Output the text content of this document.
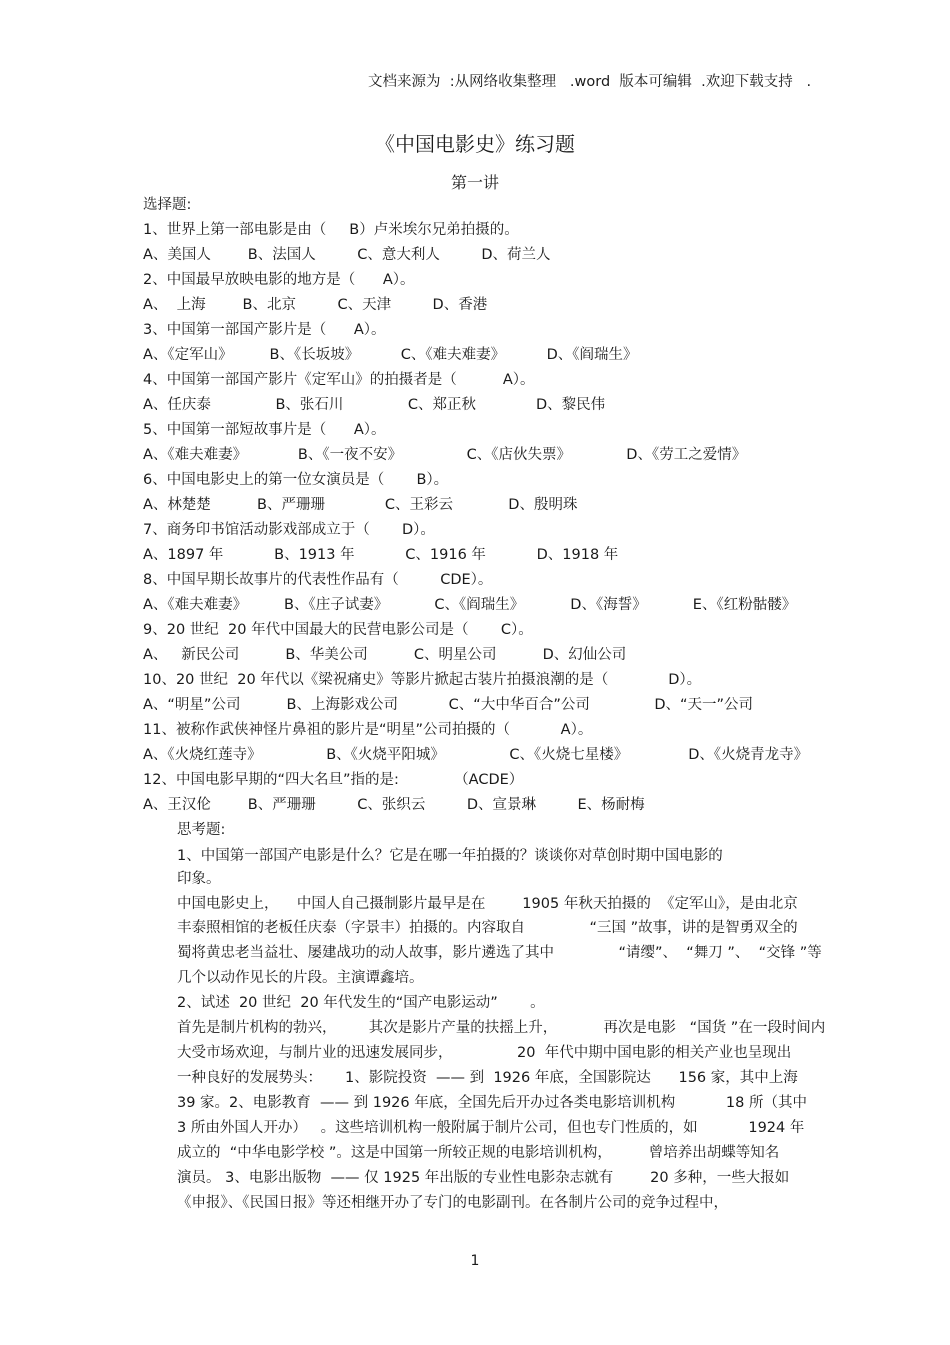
文档来源为  :从网络收集整理   .word  版本可编辑  .欢迎下载支持   .
《中国电影史》练习题
第一讲
选择题:
1、世界上第一部电影是由（     B）卢米埃尔兄弟拍摄的。
A、美国人        B、法国人         C、意大利人         D、荷兰人
2、中国最早放映电影的地方是（      A）。
A、  上海        B、北京         C、天津         D、香港
3、中国第一部国产影片是（      A）。
A、《定军山》        B、《长坂坡》         C、《难夫难妻》         D、《阎瑞生》
4、中国第一部国产影片《定军山》的拍摄者是（          A）。
A、任庆泰              B、张石川              C、郑正秋             D、黎民伟
5、中国第一部短故事片是（      A）。
A、《难夫难妻》           B、《一夜不安》              C、《店伙失票》            D、《劳工之爱情》
6、中国电影史上的第一位女演员是（       B）。
A、林楚楚          B、严珊珊             C、王彩云            D、殷明珠
7、商务印书馆活动影戏部成立于（       D）。
A、1897 年           B、1913 年           C、1916 年           D、1918 年
8、中国早期长故事片的代表性作品有（         CDE）。
A、《难夫难妻》        B、《庄子试妻》          C、《阎瑞生》          D、《海誓》          E、《红粉骷髅》
9、20 世纪  20 年代中国最大的民营电影公司是（       C）。
A、   新民公司          B、华美公司          C、明星公司          D、幻仙公司
10、20 世纪  20 年代以《梁祝痛史》等影片掀起古装片拍摄浪潮的是（             D）。
A、“明星”公司          B、上海影戏公司           C、“大中华百合”公司              D、“天一”公司
11、被称作武侠神怪片鼻祖的影片是“明星”公司拍摄的（           A）。
A、《火烧红莲寺》              B、《火烧平阳城》              C、《火烧七星楼》             D、《火烧青龙寺》
12、中国电影早期的“四大名旦”指的是:            （ACDE）
A、王汉伦        B、严珊珊         C、张织云         D、宣景琳         E、杨耐梅
思考题:
1、中国第一部国产电影是什么？它是在哪一年拍摄的？谈谈你对草创时期中国电影的
印象。
中国电影史上，    中国人自己摄制影片最早是在        1905 年秋天拍摄的  《定军山》，是由北京
丰泰照相馆的老板任庆泰（字景丰）拍摄的。内容取自              “三国 ”故事，讲的是智勇双全的
蜀将黄忠老当益壮、屡建战功的动人故事，影片遴选了其中              “请缨”、  “舞刀 ”、  “交锋 ”等
几个以动作见长的片段。主演谭鑫培。
2、试述  20 世纪  20 年代发生的“国产电影运动”       。
首先是制片机构的勃兴，       其次是影片产量的扶摇上升，          再次是电影   “国货 ”在一段时间内
大受市场欢迎，与制片业的迅速发展同步，              20  年代中期中国电影的相关产业也呈现出
一种良好的发展势头：     1、影院投资  —— 到  1926 年底，全国影院达      156 家，其中上海
39 家。2、电影教育  —— 到 1926 年底，全国先后开办过各类电影培训机构           18 所（其中
3 所由外国人开办）   。这些培训机构一般附属于制片公司，但也专门性质的，如           1924 年
成立的  “中华电影学校 ”。这是中国第一所较正规的电影培训机构，        曾培养出胡蝶等知名
演员。 3、电影出版物  —— 仅 1925 年出版的专业性电影杂志就有        20 多种，一些大报如
《申报》、《民国日报》等还相继开办了专门的电影副刊。在各制片公司的竞争过程中，
1
